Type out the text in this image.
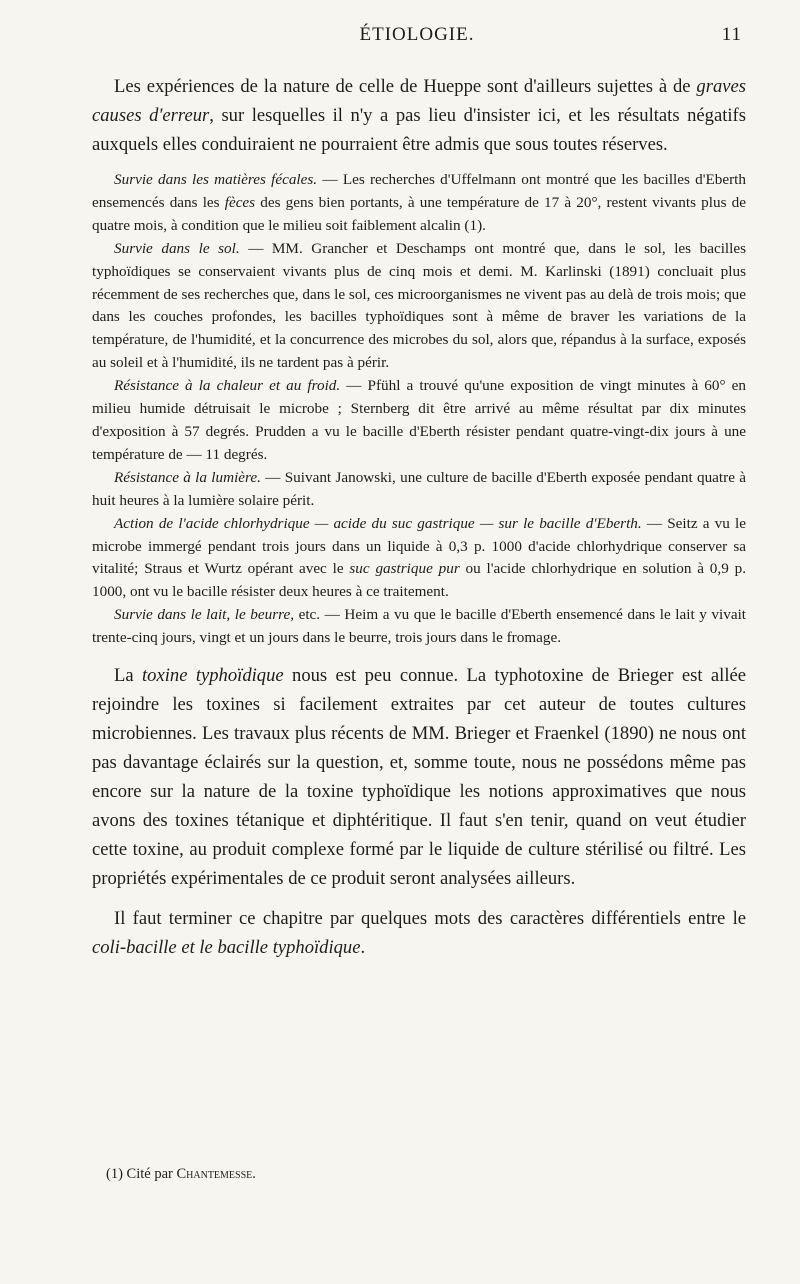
ÉTIOLOGIE.	11

Les expériences de la nature de celle de Hueppe sont d'ailleurs sujettes à de graves causes d'erreur, sur lesquelles il n'y a pas lieu d'insister ici, et les résultats négatifs auxquels elles conduiraient ne pourraient être admis que sous toutes réserves.

Survie dans les matières fécales. — Les recherches d'Uffelmann ont montré que les bacilles d'Eberth ensemencés dans les fèces des gens bien portants, à une température de 17 à 20°, restent vivants plus de quatre mois, à condition que le milieu soit faiblement alcalin (1).

Survie dans le sol. — MM. Grancher et Deschamps ont montré que, dans le sol, les bacilles typhoïdiques se conservaient vivants plus de cinq mois et demi. M. Karlinski (1891) concluait plus récemment de ses recherches que, dans le sol, ces microorganismes ne vivent pas au delà de trois mois; que dans les couches profondes, les bacilles typhoïdiques sont à même de braver les variations de la température, de l'humidité, et la concurrence des microbes du sol, alors que, répandus à la surface, exposés au soleil et à l'humidité, ils ne tardent pas à périr.

Résistance à la chaleur et au froid. — Pfühl a trouvé qu'une exposition de vingt minutes à 60° en milieu humide détruisait le microbe ; Sternberg dit être arrivé au même résultat par dix minutes d'exposition à 57 degrés. Prudden a vu le bacille d'Eberth résister pendant quatre-vingt-dix jours à une température de — 11 degrés.

Résistance à la lumière. — Suivant Janowski, une culture de bacille d'Eberth exposée pendant quatre à huit heures à la lumière solaire périt.

Action de l'acide chlorhydrique — acide du suc gastrique — sur le bacille d'Eberth. — Seitz a vu le microbe immergé pendant trois jours dans un liquide à 0,3 p. 1000 d'acide chlorhydrique conserver sa vitalité; Straus et Wurtz opérant avec le suc gastrique pur ou l'acide chlorhydrique en solution à 0,9 p. 1000, ont vu le bacille résister deux heures à ce traitement.

Survie dans le lait, le beurre, etc. — Heim a vu que le bacille d'Eberth ensemencé dans le lait y vivait trente-cinq jours, vingt et un jours dans le beurre, trois jours dans le fromage.

La toxine typhoïdique nous est peu connue. La typhotoxine de Brieger est allée rejoindre les toxines si facilement extraites par cet auteur de toutes cultures microbiennes. Les travaux plus récents de MM. Brieger et Fraenkel (1890) ne nous ont pas davantage éclairés sur la question, et, somme toute, nous ne possédons même pas encore sur la nature de la toxine typhoïdique les notions approximatives que nous avons des toxines tétanique et diphtéritique. Il faut s'en tenir, quand on veut étudier cette toxine, au produit complexe formé par le liquide de culture stérilisé ou filtré. Les propriétés expérimentales de ce produit seront analysées ailleurs.

Il faut terminer ce chapitre par quelques mots des caractères différentiels entre le coli-bacille et le bacille typhoïdique.

(1) Cité par Chantemesse.
